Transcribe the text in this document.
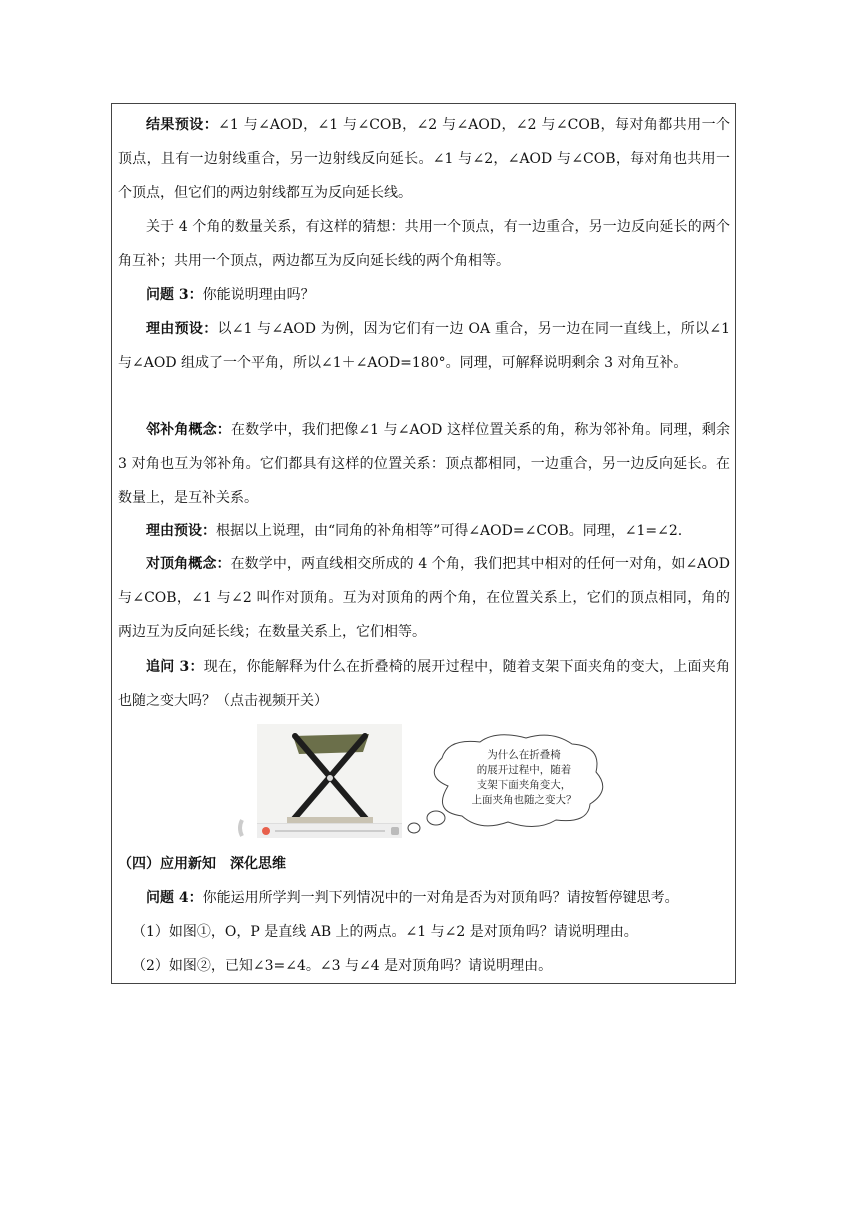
结果预设：∠1 与∠AOD，∠1 与∠COB，∠2 与∠AOD，∠2 与∠COB，每对角都共用一个顶点，且有一边射线重合，另一边射线反向延长。∠1 与∠2，∠AOD 与∠COB，每对角也共用一个顶点，但它们的两边射线都互为反向延长线。

关于 4 个角的数量关系，有这样的猜想：共用一个顶点，有一边重合，另一边反向延长的两个角互补；共用一个顶点，两边都互为反向延长线的两个角相等。

问题 3：你能说明理由吗？

理由预设：以∠1 与∠AOD 为例，因为它们有一边 OA 重合，另一边在同一直线上，所以∠1 与∠AOD 组成了一个平角，所以∠1＋∠AOD=180°。同理，可解释说明剩余 3 对角互补。

邻补角概念：在数学中，我们把像∠1 与∠AOD 这样位置关系的角，称为邻补角。同理，剩余 3 对角也互为邻补角。它们都具有这样的位置关系：顶点都相同，一边重合，另一边反向延长。在数量上，是互补关系。

理由预设：根据以上说理，由“同角的补角相等”可得∠AOD=∠COB。同理，∠1=∠2.

对顶角概念：在数学中，两直线相交所成的 4 个角，我们把其中相对的任何一对角，如∠AOD 与∠COB，∠1 与∠2 叫作对顶角。互为对顶角的两个角，在位置关系上，它们的顶点相同，角的两边互为反向延长线；在数量关系上，它们相等。

追问 3：现在，你能解释为什么在折叠椅的展开过程中，随着支架下面夹角的变大，上面夹角也随之变大吗？（点击视频开关）

为什么在折叠椅
的展开过程中，随着
支架下面夹角变大，
上面夹角也随之变大？

（四）应用新知　深化思维

问题 4：你能运用所学判一判下列情况中的一对角是否为对顶角吗？请按暂停键思考。

（1）如图①，O，P 是直线 AB 上的两点。∠1 与∠2 是对顶角吗？请说明理由。

（2）如图②，已知∠3=∠4。∠3 与∠4 是对顶角吗？请说明理由。
